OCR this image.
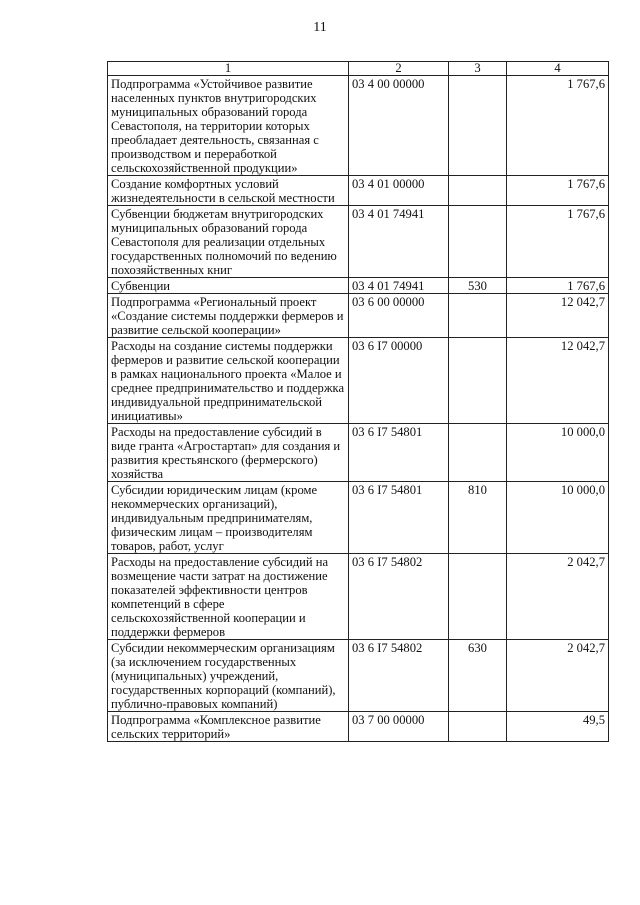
11
1	2	3	4
Подпрограмма «Устойчивое развитие населенных пунктов внутригородских муниципальных образований города Севастополя, на территории которых преобладает деятельность, связанная с производством и переработкой сельскохозяйственной продукции»	03 4 00 00000		1 767,6
Создание комфортных условий жизнедеятельности в сельской местности	03 4 01 00000		1 767,6
Субвенции бюджетам внутригородских муниципальных образований города Севастополя для реализации отдельных государственных полномочий по ведению похозяйственных книг	03 4 01 74941		1 767,6
Субвенции	03 4 01 74941	530	1 767,6
Подпрограмма «Региональный проект «Создание системы поддержки фермеров и развитие сельской кооперации»	03 6 00 00000		12 042,7
Расходы на создание системы поддержки фермеров и развитие сельской кооперации в рамках национального проекта «Малое и среднее предпринимательство и поддержка индивидуальной предпринимательской инициативы»	03 6 I7 00000		12 042,7
Расходы на предоставление субсидий в виде гранта «Агростартап» для создания и развития крестьянского (фермерского) хозяйства	03 6 I7 54801		10 000,0
Субсидии юридическим лицам (кроме некоммерческих организаций), индивидуальным предпринимателям, физическим лицам – производителям товаров, работ, услуг	03 6 I7 54801	810	10 000,0
Расходы на предоставление субсидий на возмещение части затрат на достижение показателей эффективности центров компетенций в сфере сельскохозяйственной кооперации и поддержки фермеров	03 6 I7 54802		2 042,7
Субсидии некоммерческим организациям (за исключением государственных (муниципальных) учреждений, государственных корпораций (компаний), публично-правовых компаний)	03 6 I7 54802	630	2 042,7
Подпрограмма «Комплексное развитие сельских территорий»	03 7 00 00000		49,5
